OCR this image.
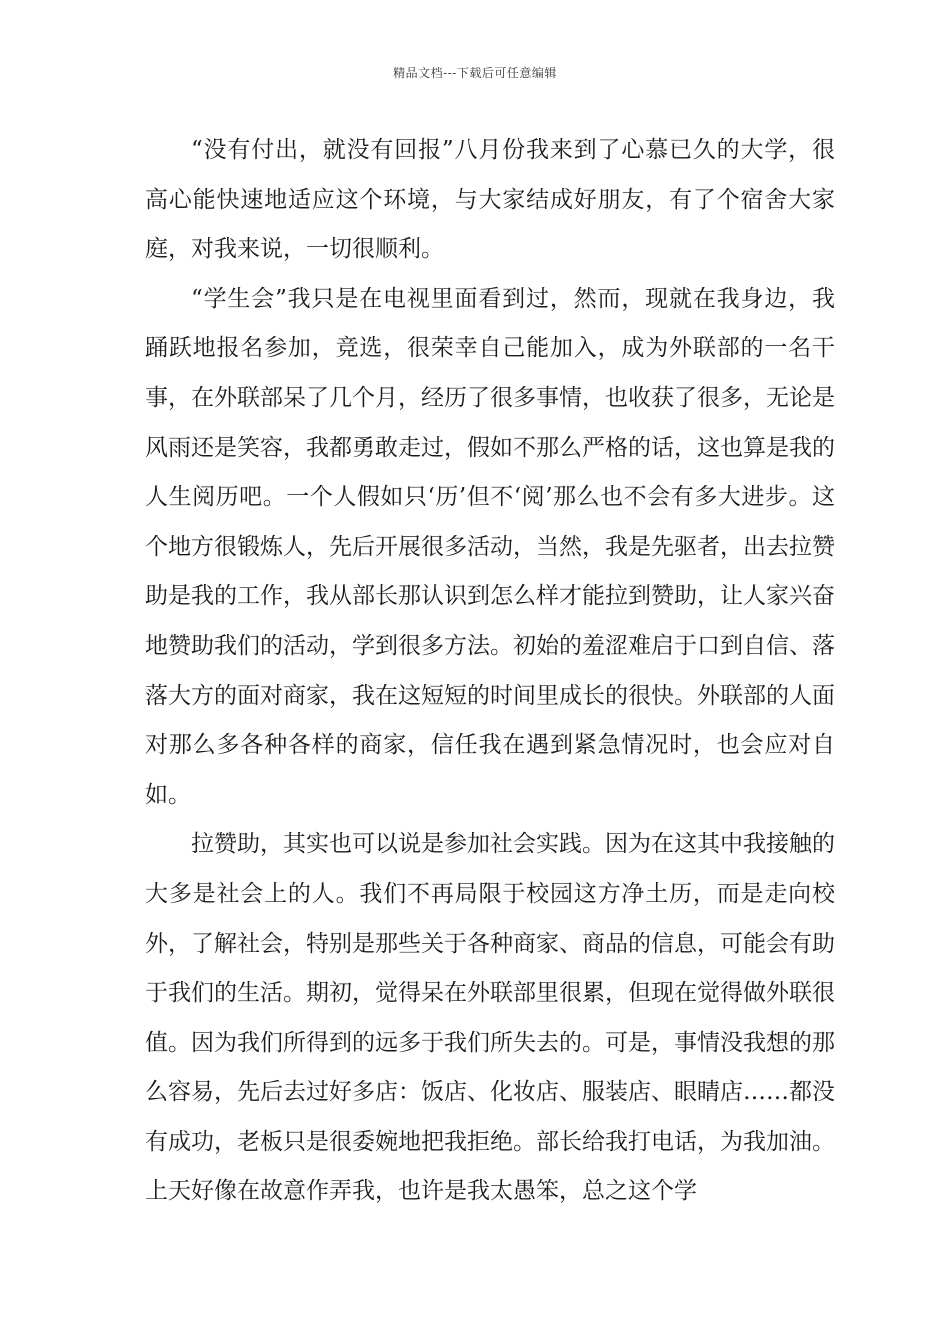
精品文档---下载后可任意编辑

“没有付出，就没有回报”八月份我来到了心慕已久的大学，很高心能快速地适应这个环境，与大家结成好朋友，有了个宿舍大家庭，对我来说，一切很顺利。

“学生会”我只是在电视里面看到过，然而，现就在我身边，我踊跃地报名参加，竞选，很荣幸自己能加入，成为外联部的一名干事，在外联部呆了几个月，经历了很多事情，也收获了很多，无论是风雨还是笑容，我都勇敢走过，假如不那么严格的话，这也算是我的人生阅历吧。一个人假如只‘历’但不‘阅’那么也不会有多大进步。这个地方很锻炼人，先后开展很多活动，当然，我是先驱者，出去拉赞助是我的工作，我从部长那认识到怎么样才能拉到赞助，让人家兴奋地赞助我们的活动，学到很多方法。初始的羞涩难启于口到自信、落落大方的面对商家，我在这短短的时间里成长的很快。外联部的人面对那么多各种各样的商家，信任我在遇到紧急情况时，也会应对自如。

拉赞助，其实也可以说是参加社会实践。因为在这其中我接触的大多是社会上的人。我们不再局限于校园这方净土历，而是走向校外，了解社会，特别是那些关于各种商家、商品的信息，可能会有助于我们的生活。期初，觉得呆在外联部里很累，但现在觉得做外联很值。因为我们所得到的远多于我们所失去的。可是，事情没我想的那么容易，先后去过好多店：饭店、化妆店、服装店、眼睛店……都没有成功，老板只是很委婉地把我拒绝。部长给我打电话，为我加油。上天好像在故意作弄我，也许是我太愚笨，总之这个学
